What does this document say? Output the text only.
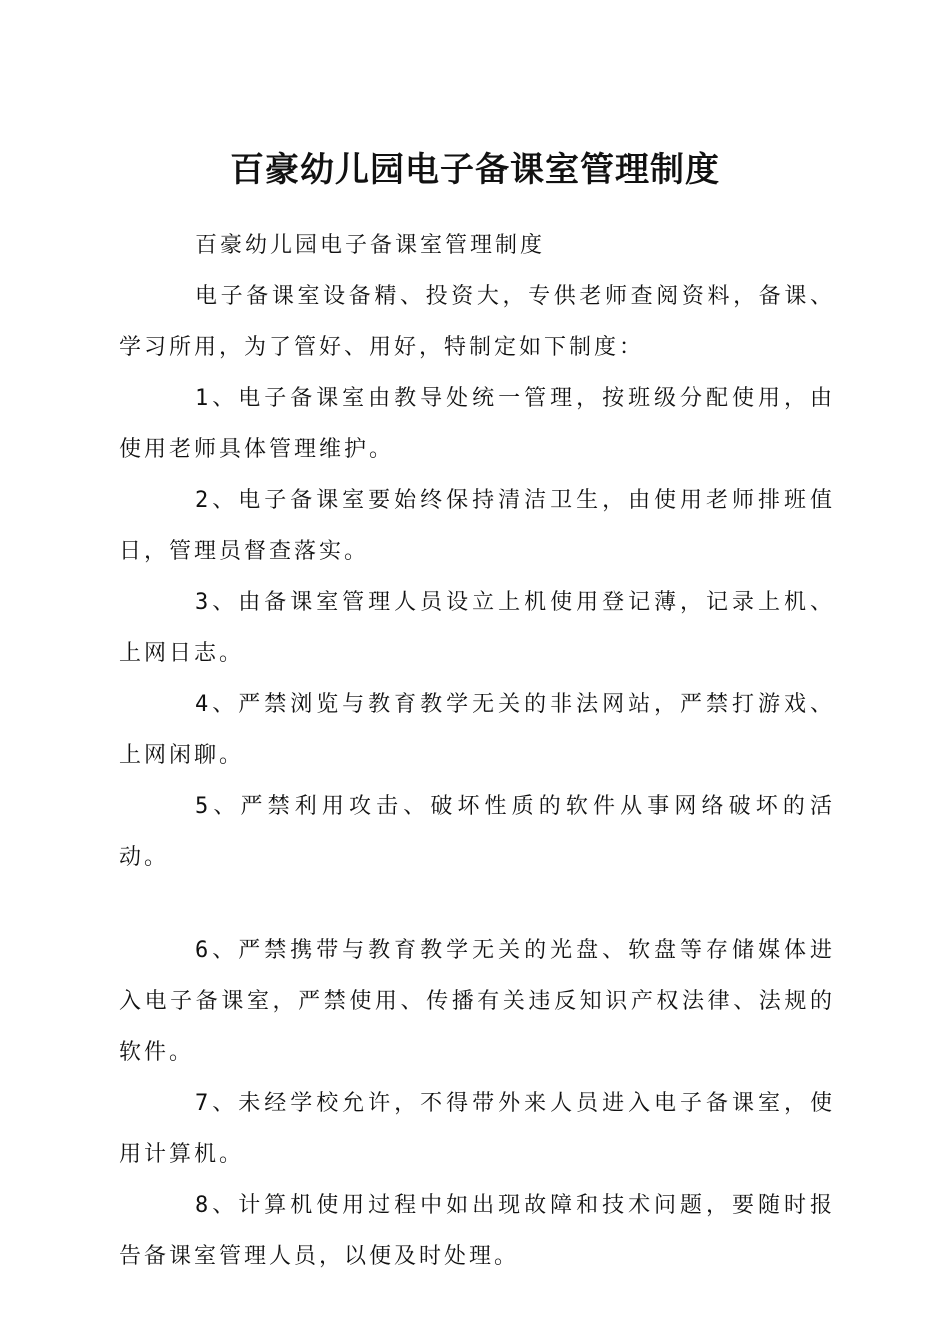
百豪幼儿园电子备课室管理制度

百豪幼儿园电子备课室管理制度

电子备课室设备精、投资大，专供老师查阅资料，备课、学习所用，为了管好、用好，特制定如下制度：

1、电子备课室由教导处统一管理，按班级分配使用，由使用老师具体管理维护。

2、电子备课室要始终保持清洁卫生，由使用老师排班值日，管理员督查落实。

3、由备课室管理人员设立上机使用登记薄，记录上机、上网日志。

4、严禁浏览与教育教学无关的非法网站，严禁打游戏、上网闲聊。

5、严禁利用攻击、破坏性质的软件从事网络破坏的活动。

6、严禁携带与教育教学无关的光盘、软盘等存储媒体进入电子备课室，严禁使用、传播有关违反知识产权法律、法规的软件。

7、未经学校允许，不得带外来人员进入电子备课室，使用计算机。

8、计算机使用过程中如出现故障和技术问题，要随时报告备课室管理人员，以便及时处理。
